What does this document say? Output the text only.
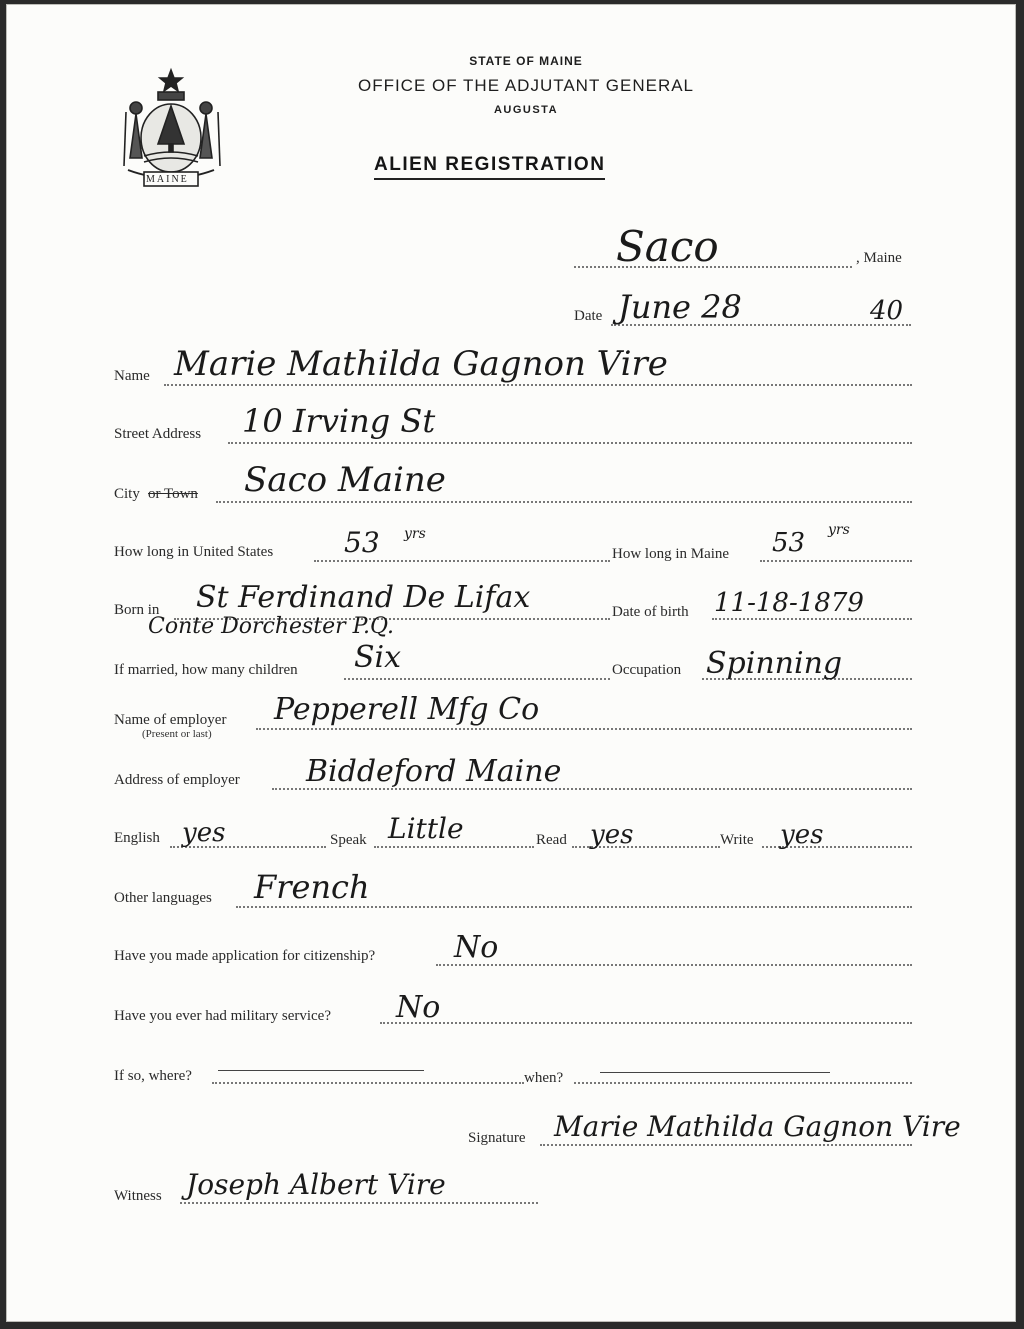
MAINE
STATE OF MAINE
OFFICE OF THE ADJUTANT GENERAL
AUGUSTA
ALIEN REGISTRATION
Saco	, Maine
Date June 28	40
Name Marie Mathilda Gagnon Vire
Street Address 10 Irving St
City or Town Saco Maine
How long in United States	53 yrs
How long in Maine 53 yrs
Born in St Ferdinand De Lifax
Conte Dorchester P.Q.
Date of birth 11-18-1879
If married, how many children Six	Occupation Spinning
Name of employer
(Present or last)
Pepperell Mfg Co
Address of employer Biddeford Maine
English yes	Speak Little	Read yes	Write yes
Other languages French
Have you made application for citizenship?	No
Have you ever had military service? No
If so, where?	when?
Signature Marie Mathilda Gagnon Vire
Witness Joseph Albert Vire
